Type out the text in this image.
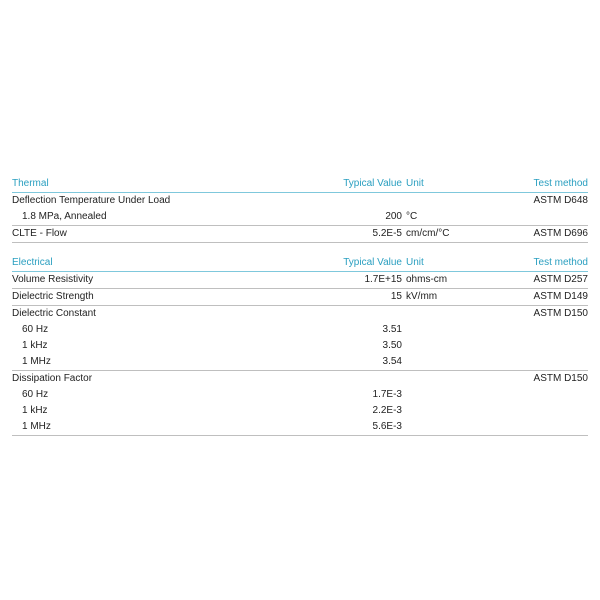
Thermal	Typical Value Unit	Test method
Deflection Temperature Under Load	ASTM D648
1.8 MPa, Annealed	200 °C
CLTE - Flow	5.2E-5 cm/cm/°C	ASTM D696
Electrical	Typical Value Unit	Test method
Volume Resistivity	1.7E+15 ohms-cm	ASTM D257
Dielectric Strength	15 kV/mm	ASTM D149
Dielectric Constant	ASTM D150
60 Hz	3.51
1 kHz	3.50
1 MHz	3.54
Dissipation Factor	ASTM D150
60 Hz	1.7E-3
1 kHz	2.2E-3
1 MHz	5.6E-3
